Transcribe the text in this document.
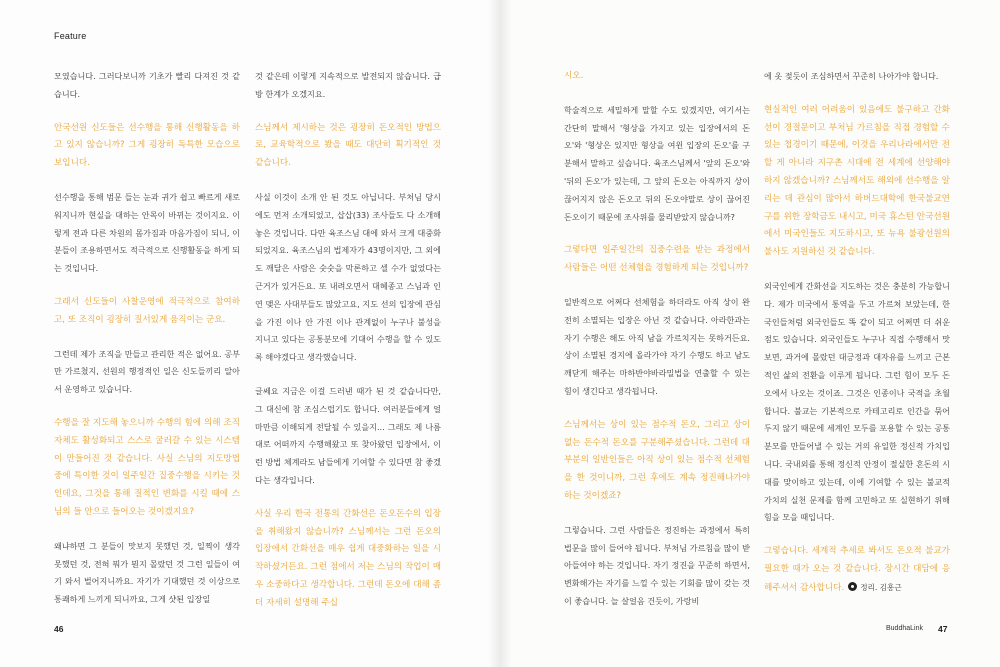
Feature

모였습니다. 그러다보니까 기초가 빨리 다져진 것 같습니다.

안국선원 신도들은 선수행을 통해 신행활동을 하고 있지 않습니까? 그게 굉장히 독특한 모습으로 보입니다.

선수행을 통해 범문 들는 눈과 귀가 쉽고 빠르게 새로워지니까 현실을 대하는 안목이 바뀌는 것이지요. 이렇게 전과 다른 차원의 몸가짐과 마음가짐이 되니, 이 분들이 조용하면서도 적극적으로 신행활동을 하게 되는 것입니다.

그래서 신도들이 사찰운영에 적극적으로 참여하고, 또 조직이 굉장히 질서있게 움직이는 군요.

그런데 제가 조직을 만들고 관리한 적은 없어요. 공부만 가르쳤지, 선원의 행정적인 일은 신도들끼리 알아서 운영하고 있습니다.

수행을 잘 지도해 놓으니까 수행의 힘에 의해 조직 자체도 활성화되고 스스로 굴러갈 수 있는 시스템이 만들어진 것 같습니다. 사실 스님의 지도방법 중에 특이한 것이 일주일간 집중수행을 시키는 것인데요, 그것을 통해 질적인 변화를 시킬 때에 스님의 들 안으로 들어오는 것이겠지요?

왜냐하면 그 분들이 맛보지 못했던 것, 일찍이 생각 못했던 것, 전혀 뭐가 뭔지 몰랐던 것 그런 일들이 여기 와서 벌어지니까요. 자기가 기대했던 것 이상으로 통쾌하게 느끼게 되니까요, 그게 샷된 입장일

것 같은데 이렇게 지속적으로 발전되지 않습니다. 급방 한계가 오겠지요.

스님께서 제시하는 것은 굉장히 돈오적인 방법으로, 교육학적으로 봤을 때도 대단히 획기적인 것 같습니다.

사실 이것이 소개 안 된 것도 아닙니다. 부처님 당시에도 먼저 소개되었고, 삽삽(33) 조사들도 다 소개해 놓은 것입니다. 다만 육조스님 대에 와서 크게 대중화되었지요. 육조스님의 법제자가 43명이지만, 그 외에도 깨달은 사람은 숫숫을 막론하고 셀 수가 없었다는 근거가 있거든요. 또 내려오면서 대혜종고 스님과 인연 맺은 사대부들도 많았고요, 지도 선의 입장에 관심을 가진 이나 안 가진 이나 관계없이 누구나 불성을 지니고 있다는 공통분모에 기대어 수행을 할 수 있도록 해야겠다고 생각했습니다.

글쎄요 지금은 이걸 드러낸 때가 된 것 같습니다만, 그 대신에 참 조심스럽기도 합니다. 여러분들에게 얼마만큼 이해되게 전달될 수 있을지... 그래도 제 나름대로 어떠까지 수행해왔고 또 찾아왔던 입장에서, 이런 방법 체계라도 남들에게 기여할 수 있다면 참 좋겠다는 생각입니다.

사실 우리 한국 전통의 간화선은 돈오돈수의 입장을 취해왔지 않습니까? 스님께서는 그런 돈오의 입장에서 간화선을 매우 쉽게 대중화하는 일을 시작하셨거든요. 그런 점에서 저는 스님의 작업이 매우 소중하다고 생각합니다. 그런데 돈오에 대해 좀 더 자세히 설명해 주십

46

시오.

학술적으로 세밀하게 말할 수도 있겠지만, 여기서는 간단히 말해서 '형상을 가지고 있는 입장에서의 돈오'와 '형상은 있지만 형상을 여윈 입장의 돈오'를 구분해서 말하고 싶습니다. 육조스님께서 '앞의 돈오'와 '뒤의 돈오'가 있는데, 그 앞의 돈오는 아직까지 상이 끊어지지 않은 돈오고 뒤의 돈오야말로 상이 끊어진 돈오이기 때문에 조사위를 물리받았지 않습니까?

그렇다면 일주일간의 집중수련을 받는 과정에서 사람들은 어떤 선체험을 경험하게 되는 것입니까?

일반적으로 어쩌다 선체험을 하더라도 아직 상이 완전히 소멸되는 입장은 아닌 것 같습니다. 아라한과는 자기 수행은 해도 아직 남을 가르치지는 못하거든요. 상이 소멸된 경지에 올라가야 자기 수행도 하고 남도 깨닫게 해주는 마하반야바라밀법을 연출할 수 있는 힘이 생긴다고 생각됩니다.

스님께서는 상이 있는 점수적 돈오, 그리고 상이 없는 돈수적 돈오를 구분해주셨습니다. 그런데 대부분의 일반인들은 아직 상이 있는 점수적 선체험을 한 것이니까, 그런 후에도 계속 정진해나가야 하는 것이겠죠?

그렇습니다. 그런 사람들은 정진하는 과정에서 특히 법문을 많이 들어야 됩니다. 부처님 가르침을 많이 받아들여야 하는 것입니다. 자기 정진을 꾸준히 하면서, 변화해가는 자기를 느낄 수 있는 기회를 많이 갖는 것이 좋습니다. 늘 살얼음 건듯이, 가랑비

에 옷 젖듯이 조심하면서 꾸준히 나아가야 합니다.

현실적인 여러 어려움이 있음에도 불구하고 간화선이 경절문이고 부처님 가르침을 직접 경험할 수 있는 첩경이기 때문에, 이것을 우리나라에서만 전할 게 아니라 지구촌 시대에 전 세계에 선양해야 하지 않겠습니까? 스님께서도 해외에 선수행을 알리는 데 관심이 많아서 하버드대학에 한국불교연구를 위한 장학금도 내시고, 미국 휴스턴 안국선원에서 미국인들도 지도하시고, 또 뉴욕 불광선원의 불사도 지원하신 것 같습니다.

외국인에게 간화선을 지도하는 것은 충분히 가능합니다. 제가 미국에서 통역을 두고 가르쳐 보았는데, 한국인들처럼 외국인들도 똑 같이 되고 어쩌면 더 쉬운 점도 있습니다. 외국인들도 누구나 직접 수행해서 맛보면, 과거에 몰랐던 대긍정과 대자유를 느끼고 근본적인 삶의 전환을 이루게 됩니다. 그런 힘이 모두 돈오에서 나오는 것이죠. 그것은 인종이나 국적을 초월합니다. 불교는 기본적으로 카테고리로 인간을 묶어두지 않기 때문에 세계인 모두를 포용할 수 있는 공통분모를 만들어낼 수 있는 거의 유일한 정신적 가치입니다. 국내외를 통해 정신적 안정이 절실한 혼돈의 시대를 맞이하고 있는데, 이에 기여할 수 있는 불교적 가치의 실천 문제를 함께 고민하고 또 실현하기 위해 힘을 모을 때입니다.

그렇습니다. 세계적 추세로 봐서도 돈오적 불교가 필요한 때가 오는 것 같습니다. 장시간 대담에 응해주셔서 감사합니다. 정리. 김흥근

BuddhaLink 47
